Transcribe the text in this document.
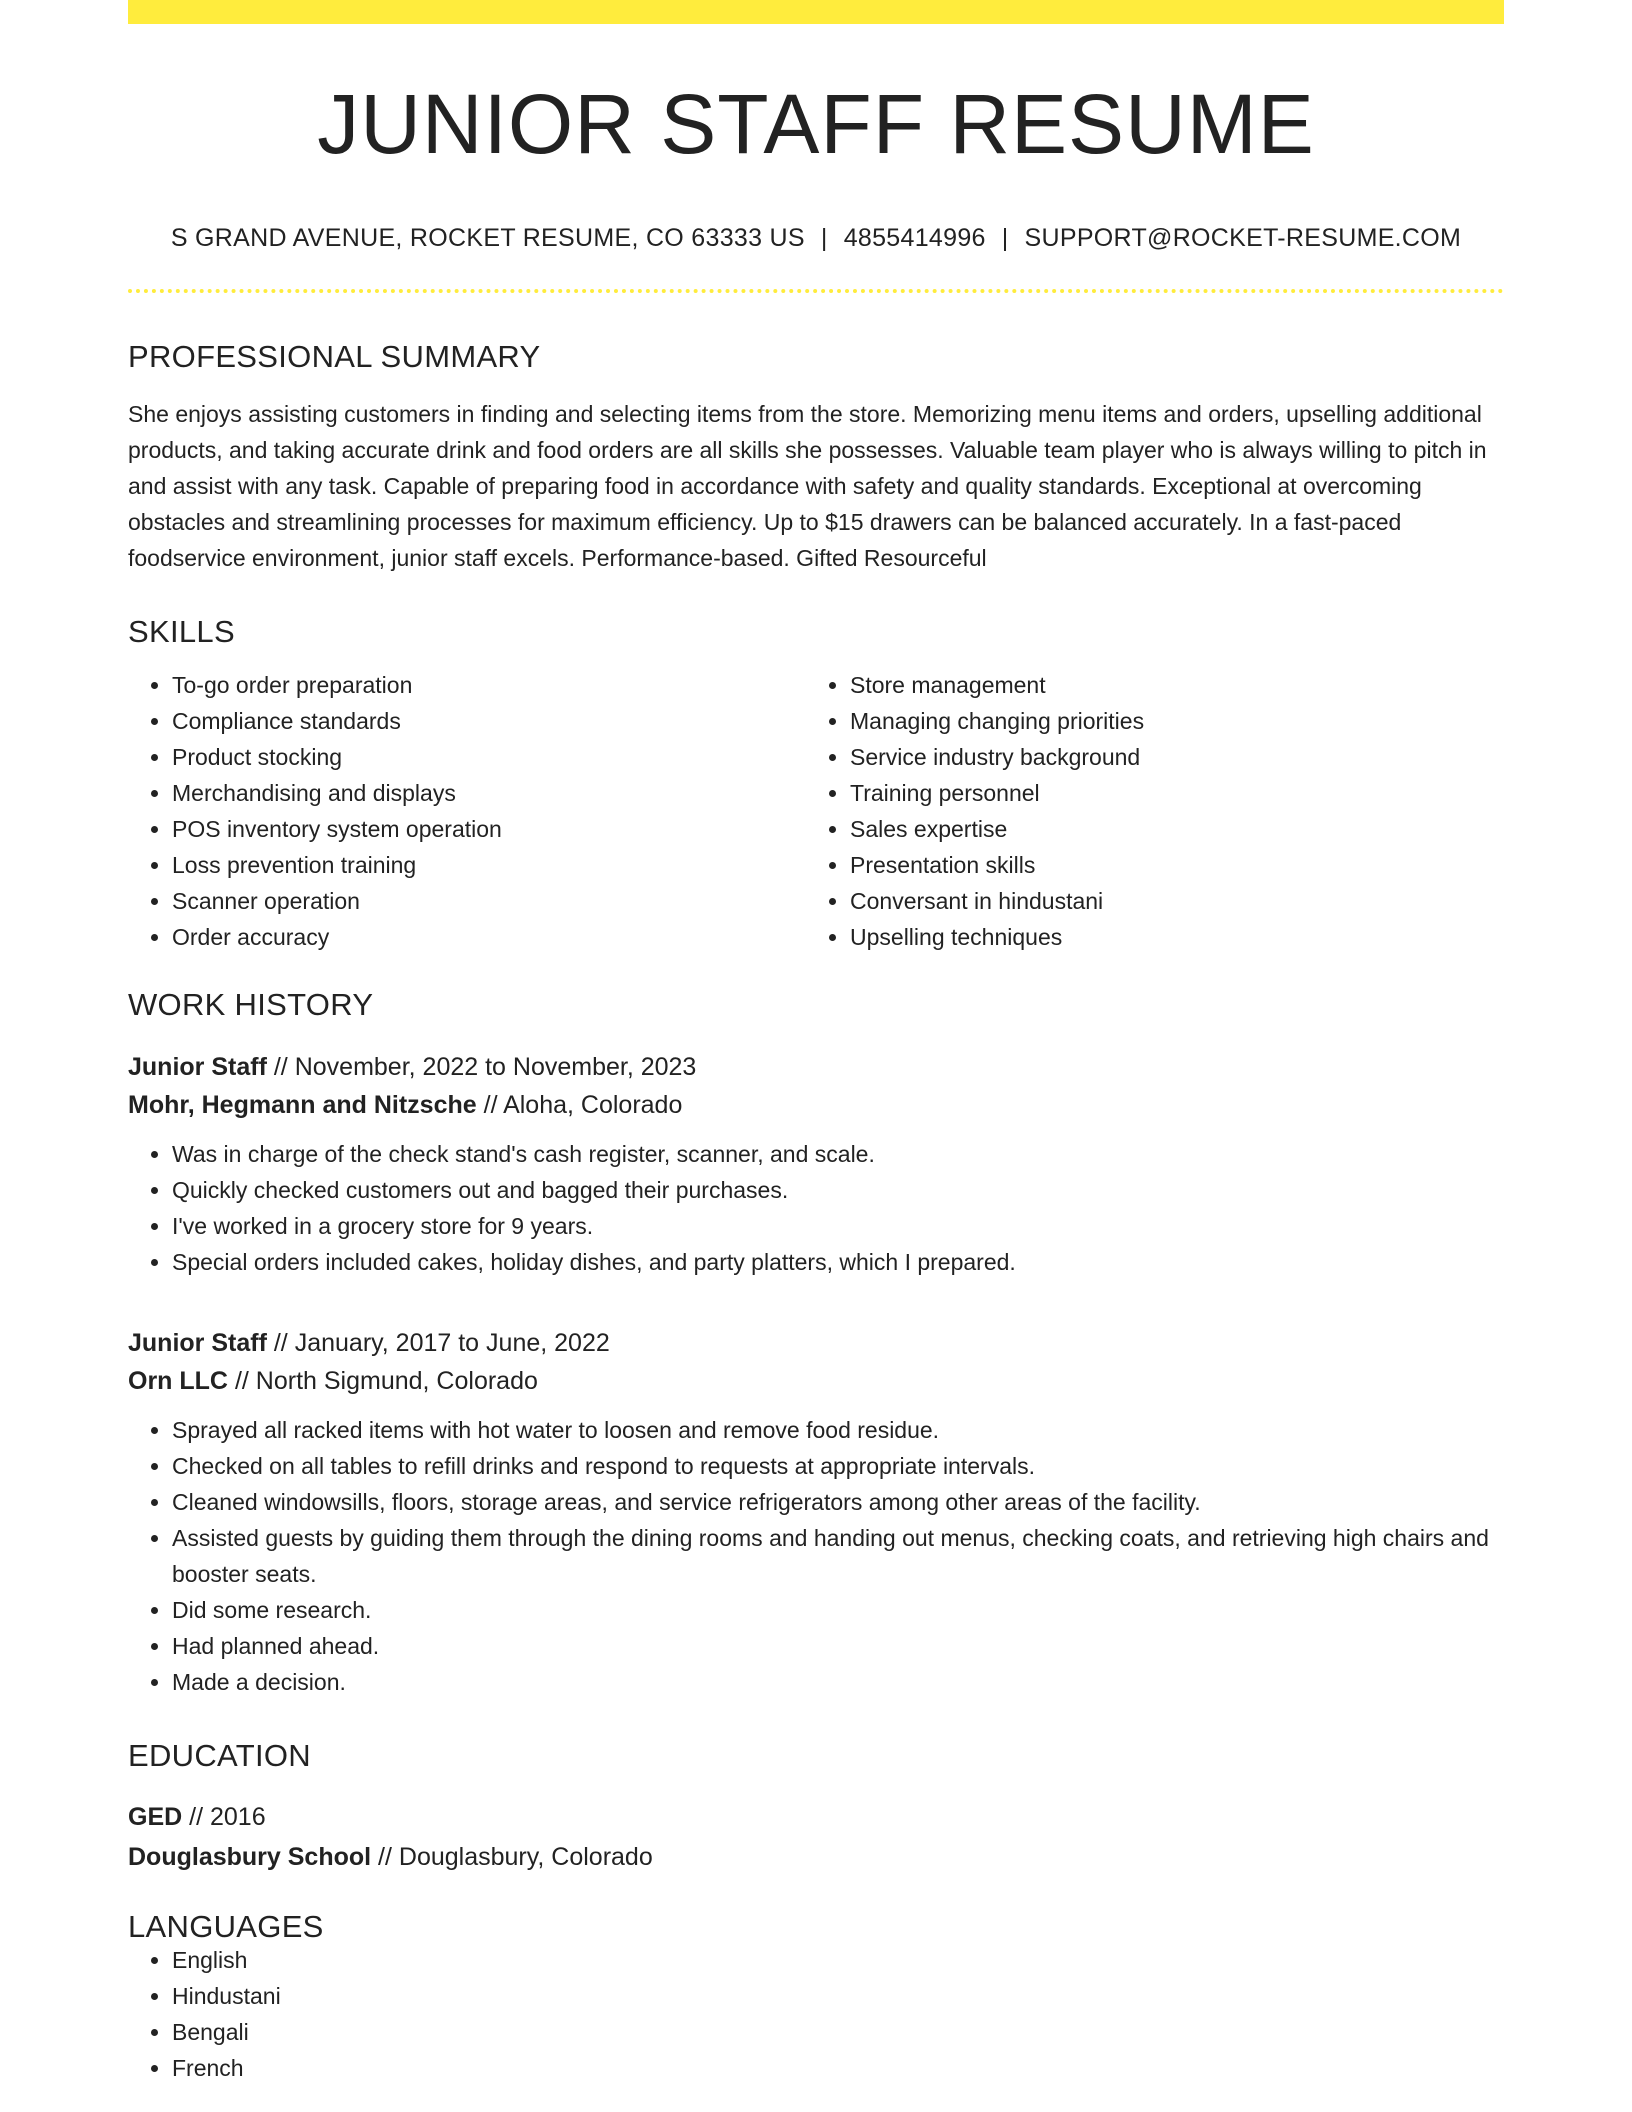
JUNIOR STAFF RESUME
S GRAND AVENUE, ROCKET RESUME, CO 63333 US | 4855414996 | SUPPORT@ROCKET-RESUME.COM
PROFESSIONAL SUMMARY

She enjoys assisting customers in finding and selecting items from the store. Memorizing menu items and orders, upselling additional products, and taking accurate drink and food orders are all skills she possesses. Valuable team player who is always willing to pitch in and assist with any task. Capable of preparing food in accordance with safety and quality standards. Exceptional at overcoming obstacles and streamlining processes for maximum efficiency. Up to $15 drawers can be balanced accurately. In a fast-paced foodservice environment, junior staff excels. Performance-based. Gifted Resourceful

SKILLS
• To-go order preparation
• Compliance standards
• Product stocking
• Merchandising and displays
• POS inventory system operation
• Loss prevention training
• Scanner operation
• Order accuracy
• Store management
• Managing changing priorities
• Service industry background
• Training personnel
• Sales expertise
• Presentation skills
• Conversant in hindustani
• Upselling techniques
WORK HISTORY
Junior Staff // November, 2022 to November, 2023
Mohr, Hegmann and Nitzsche // Aloha, Colorado
• Was in charge of the check stand's cash register, scanner, and scale.
• Quickly checked customers out and bagged their purchases.
• I've worked in a grocery store for 9 years.
• Special orders included cakes, holiday dishes, and party platters, which I prepared.
Junior Staff // January, 2017 to June, 2022
Orn LLC // North Sigmund, Colorado
• Sprayed all racked items with hot water to loosen and remove food residue.
• Checked on all tables to refill drinks and respond to requests at appropriate intervals.
• Cleaned windowsills, floors, storage areas, and service refrigerators among other areas of the facility.
• Assisted guests by guiding them through the dining rooms and handing out menus, checking coats, and retrieving high chairs and booster seats.
• Did some research.
• Had planned ahead.
• Made a decision.
EDUCATION
GED // 2016
Douglasbury School // Douglasbury, Colorado
LANGUAGES
• English
• Hindustani
• Bengali
• French
